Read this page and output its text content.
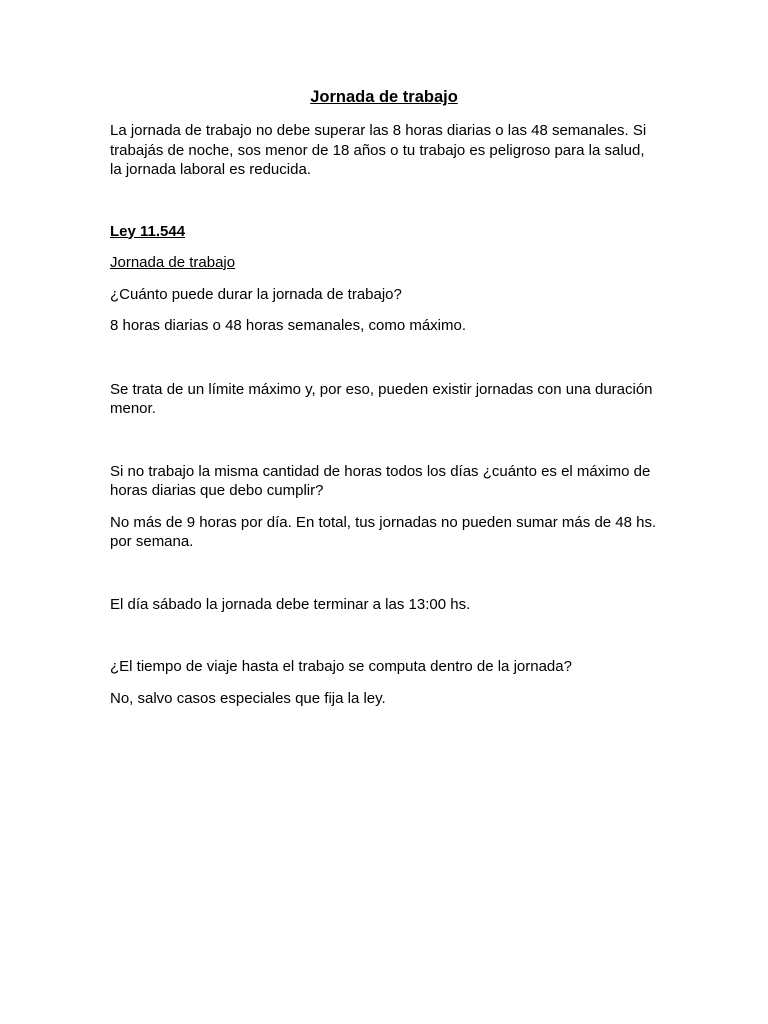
Jornada de trabajo

La jornada de trabajo no debe superar las 8 horas diarias o las 48 semanales. Si trabajás de noche, sos menor de 18 años o tu trabajo es peligroso para la salud, la jornada laboral es reducida.

Ley 11.544

Jornada de trabajo

¿Cuánto puede durar la jornada de trabajo?

8 horas diarias o 48 horas semanales, como máximo.

Se trata de un límite máximo y, por eso, pueden existir jornadas con una duración menor.

Si no trabajo la misma cantidad de horas todos los días ¿cuánto es el máximo de horas diarias que debo cumplir?

No más de 9 horas por día. En total, tus jornadas no pueden sumar más de 48 hs. por semana.

El día sábado la jornada debe terminar a las 13:00 hs.

¿El tiempo de viaje hasta el trabajo se computa dentro de la jornada?

No, salvo casos especiales que fija la ley.
